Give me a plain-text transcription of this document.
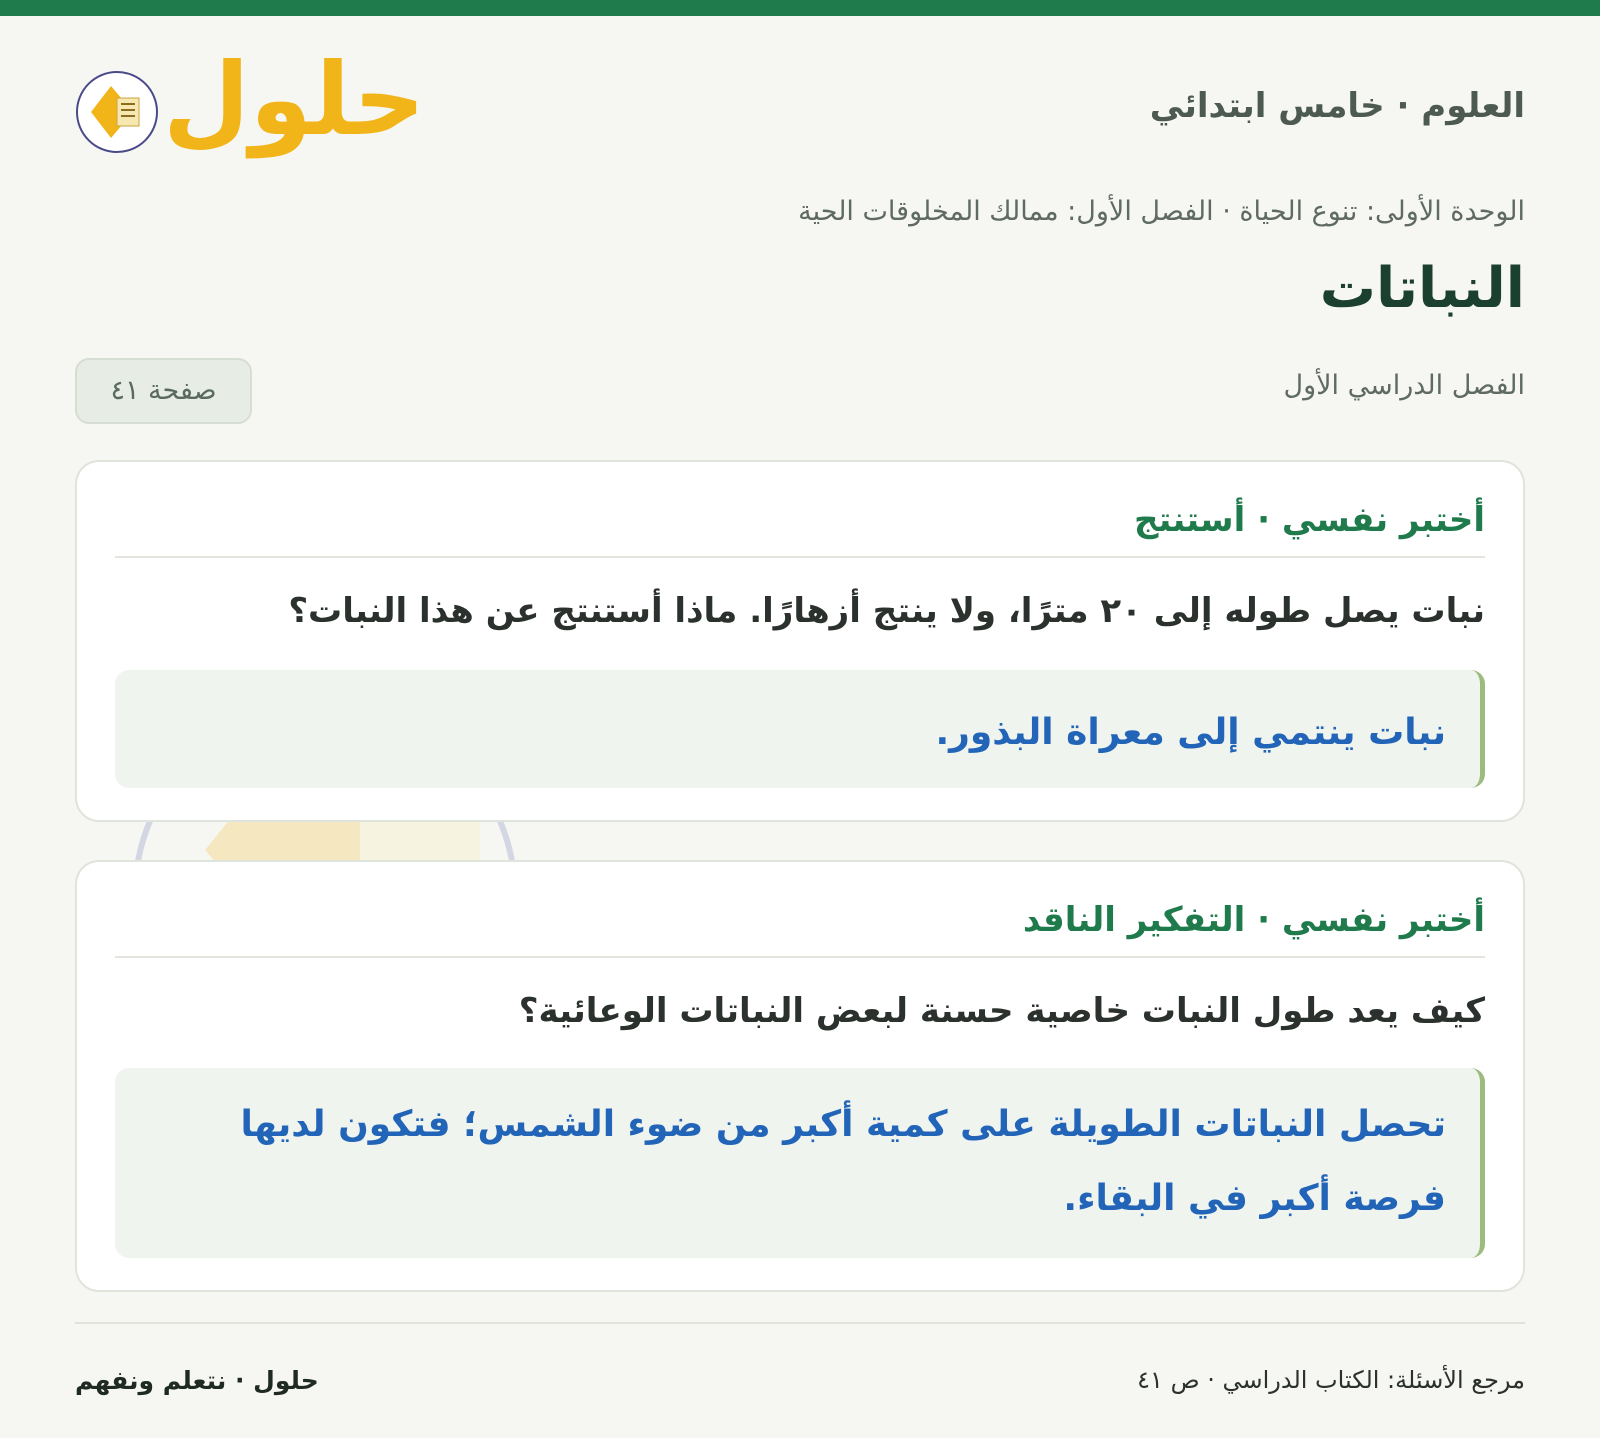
العلوم · خامس ابتدائي
حلول
الوحدة الأولى: تنوع الحياة · الفصل الأول: ممالك المخلوقات الحية
النباتات
الفصل الدراسي الأول
صفحة ٤١
أختبر نفسي · أستنتج
نبات يصل طوله إلى ٢٠ مترًا، ولا ينتج أزهارًا. ماذا أستنتج عن هذا النبات؟
نبات ينتمي إلى معراة البذور.
أختبر نفسي · التفكير الناقد
كيف يعد طول النبات خاصية حسنة لبعض النباتات الوعائية؟
تحصل النباتات الطويلة على كمية أكبر من ضوء الشمس؛ فتكون لديها فرصة أكبر في البقاء.
مرجع الأسئلة: الكتاب الدراسي · ص ٤١
حلول · نتعلم ونفهم
